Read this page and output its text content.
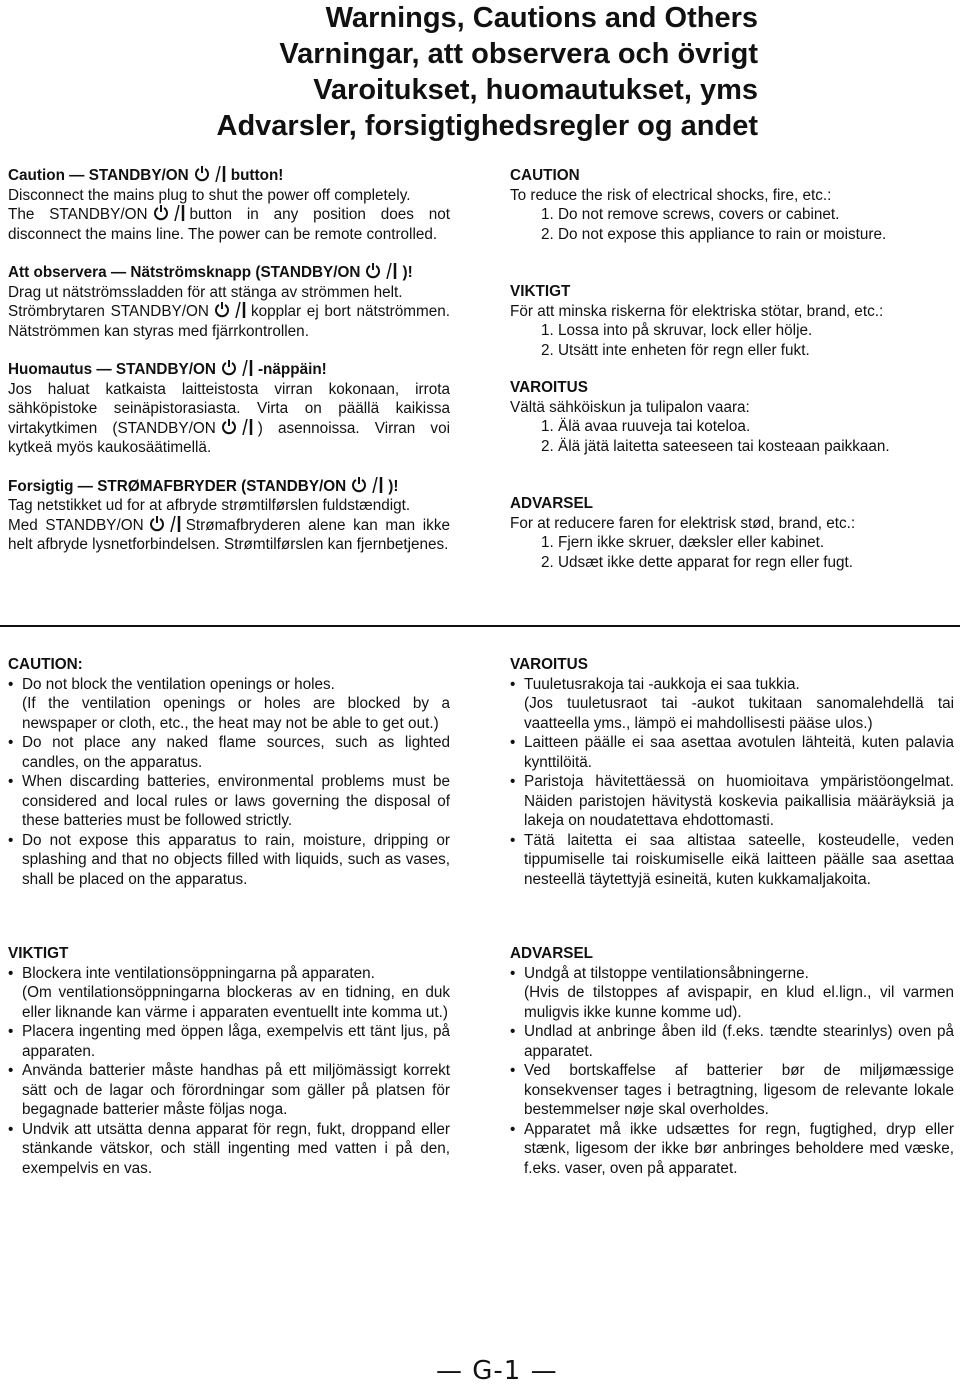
Warnings, Cautions and Others
Varningar, att observera och övrigt
Varoitukset, huomautukset, yms
Advarsler, forsigtighedsregler og andet

Caution — STANDBY/ON	button!

Disconnect the mains plug to shut the power off completely.

The STANDBY/ON	button in any position does not disconnect the mains line. The power can be remote controlled.

Att observera — Nätströmsknapp (STANDBY/ON	)!

Drag ut nätströmssladden för att stänga av strömmen helt.

Strömbrytaren STANDBY/ON	kopplar ej bort nätströmmen. Nätströmmen kan styras med fjärrkontrollen.

Huomautus — STANDBY/ON	-näppäin!

Jos haluat katkaista laitteistosta virran kokonaan, irrota sähköpistoke seinäpistorasiasta. Virta on päällä kaikissa virtakytkimen (STANDBY/ON	) asennoissa. Virran voi kytkeä myös kaukosäätimellä.

Forsigtig — STRØMAFBRYDER (STANDBY/ON	)!

Tag netstikket ud for at afbryde strømtilførslen fuldstændigt.

Med STANDBY/ON	Strømafbryderen alene kan man ikke helt afbryde lysnetforbindelsen. Strømtilførslen kan fjernbetjenes.

CAUTION

To reduce the risk of electrical shocks, fire, etc.:

1. Do not remove screws, covers or cabinet.

2. Do not expose this appliance to rain or moisture.

VIKTIGT

För att minska riskerna för elektriska stötar, brand, etc.:

1. Lossa into på skruvar, lock eller hölje.

2. Utsätt inte enheten för regn eller fukt.

VAROITUS

Vältä sähköiskun ja tulipalon vaara:

1. Älä avaa ruuveja tai koteloa.

2. Älä jätä laitetta sateeseen tai kosteaan paikkaan.

ADVARSEL

For at reducere faren for elektrisk stød, brand, etc.:

1. Fjern ikke skruer, dæksler eller kabinet.

2. Udsæt ikke dette apparat for regn eller fugt.

CAUTION:

• Do not block the ventilation openings or holes.
(If the ventilation openings or holes are blocked by a newspaper or cloth, etc., the heat may not be able to get out.)
• Do not place any naked flame sources, such as lighted candles, on the apparatus.
• When discarding batteries, environmental problems must be considered and local rules or laws governing the disposal of these batteries must be followed strictly.
• Do not expose this apparatus to rain, moisture, dripping or splashing and that no objects filled with liquids, such as vases, shall be placed on the apparatus.

VAROITUS

• Tuuletusrakoja tai -aukkoja ei saa tukkia.
(Jos tuuletusraot tai -aukot tukitaan sanomalehdellä tai vaatteella yms., lämpö ei mahdollisesti pääse ulos.)
• Laitteen päälle ei saa asettaa avotulen lähteitä, kuten palavia kynttilöitä.
• Paristoja hävitettäessä on huomioitava ympäristöongelmat. Näiden paristojen hävitystä koskevia paikallisia määräyksiä ja lakeja on noudatettava ehdottomasti.
• Tätä laitetta ei saa altistaa sateelle, kosteudelle, veden tippumiselle tai roiskumiselle eikä laitteen päälle saa asettaa nesteellä täytettyjä esineitä, kuten kukkamaljakoita.

VIKTIGT

• Blockera inte ventilationsöppningarna på apparaten.
(Om ventilationsöppningarna blockeras av en tidning, en duk eller liknande kan värme i apparaten eventuellt inte komma ut.)
• Placera ingenting med öppen låga, exempelvis ett tänt ljus, på apparaten.
• Använda batterier måste handhas på ett miljömässigt korrekt sätt och de lagar och förordningar som gäller på platsen för begagnade batterier måste följas noga.
• Undvik att utsätta denna apparat för regn, fukt, droppand eller stänkande vätskor, och ställ ingenting med vatten i på den, exempelvis en vas.

ADVARSEL

• Undgå at tilstoppe ventilationsåbningerne.
(Hvis de tilstoppes af avispapir, en klud el.lign., vil varmen muligvis ikke kunne komme ud).
• Undlad at anbringe åben ild (f.eks. tændte stearinlys) oven på apparatet.
• Ved bortskaffelse af batterier bør de miljømæssige konsekvenser tages i betragtning, ligesom de relevante lokale bestemmelser nøje skal overholdes.
• Apparatet må ikke udsættes for regn, fugtighed, dryp eller stænk, ligesom der ikke bør anbringes beholdere med væske, f.eks. vaser, oven på apparatet.
— G-1 —
